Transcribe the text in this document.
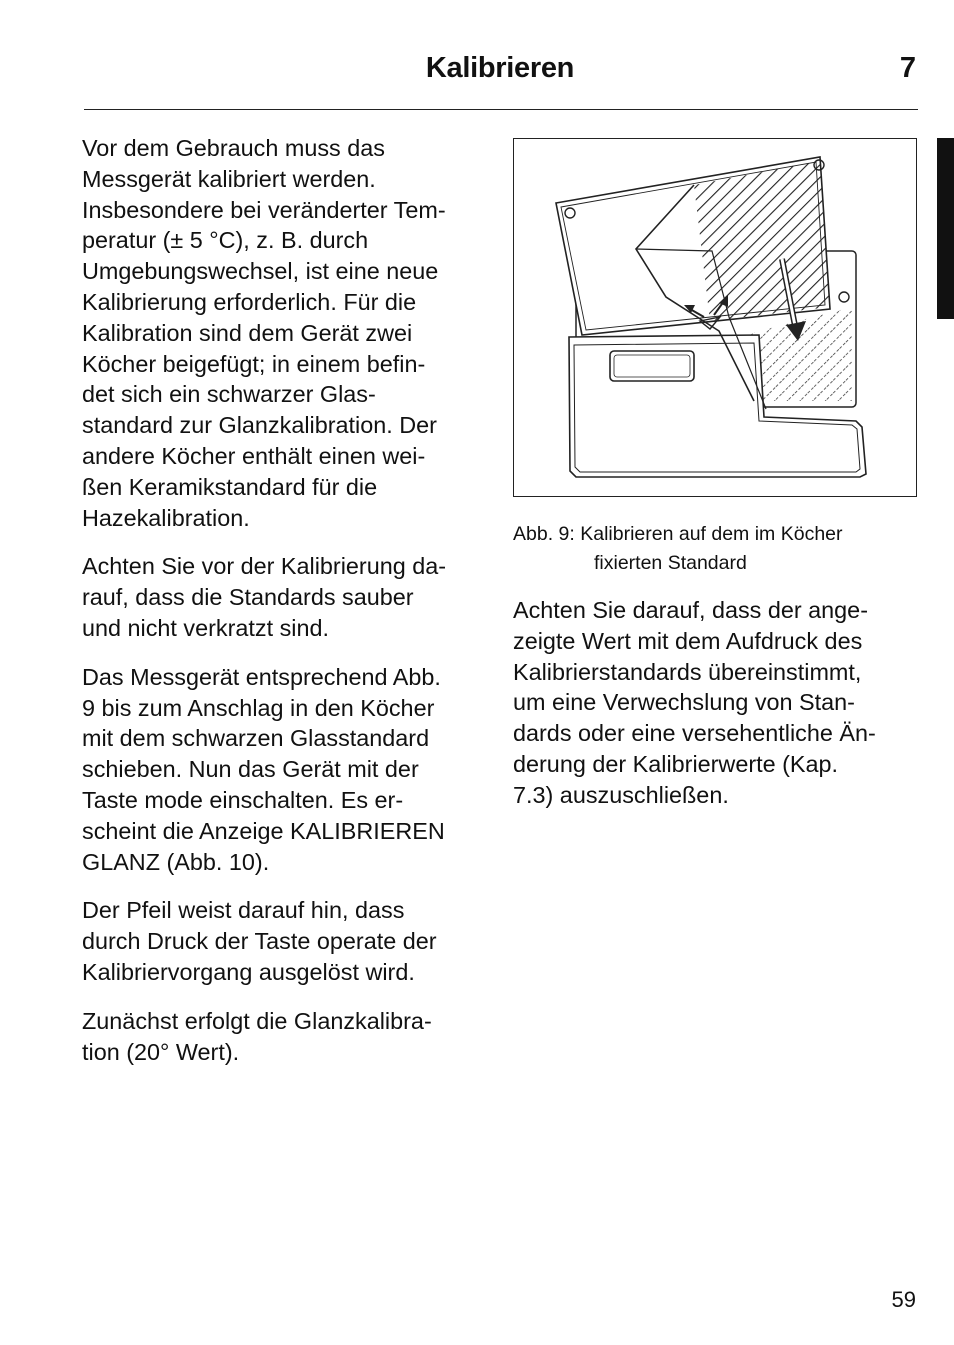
Kalibrieren	7

Vor dem Gebrauch muss das
Messgerät kalibriert werden.
Insbesondere bei veränderter Tem-
peratur (± 5 °C), z. B. durch
Umgebungswechsel, ist eine neue
Kalibrierung erforderlich. Für die
Kalibration sind dem Gerät zwei
Köcher beigefügt; in einem befin-
det sich ein schwarzer Glas-
standard zur Glanzkalibration. Der
andere Köcher enthält einen wei-
ßen Keramikstandard für die
Hazekalibration.

Achten Sie vor der Kalibrierung da-
rauf, dass die Standards sauber
und nicht verkratzt sind.

Das Messgerät entsprechend Abb.
9 bis zum Anschlag in den Köcher
mit dem schwarzen Glasstandard
schieben. Nun das Gerät mit der
Taste mode einschalten. Es er-
scheint die Anzeige KALIBRIEREN
GLANZ (Abb. 10).

Der Pfeil weist darauf hin, dass
durch Druck der Taste operate der
Kalibriervorgang ausgelöst wird.

Zunächst erfolgt die Glanzkalibra-
tion (20° Wert).

Abb. 9: Kalibrieren auf dem im Köcher

fixierten Standard

Achten Sie darauf, dass der ange-
zeigte Wert mit dem Aufdruck des
Kalibrierstandards übereinstimmt,
um eine Verwechslung von Stan-
dards oder eine versehentliche Än-
derung der Kalibrierwerte (Kap.
7.3) auszuschließen.

59
